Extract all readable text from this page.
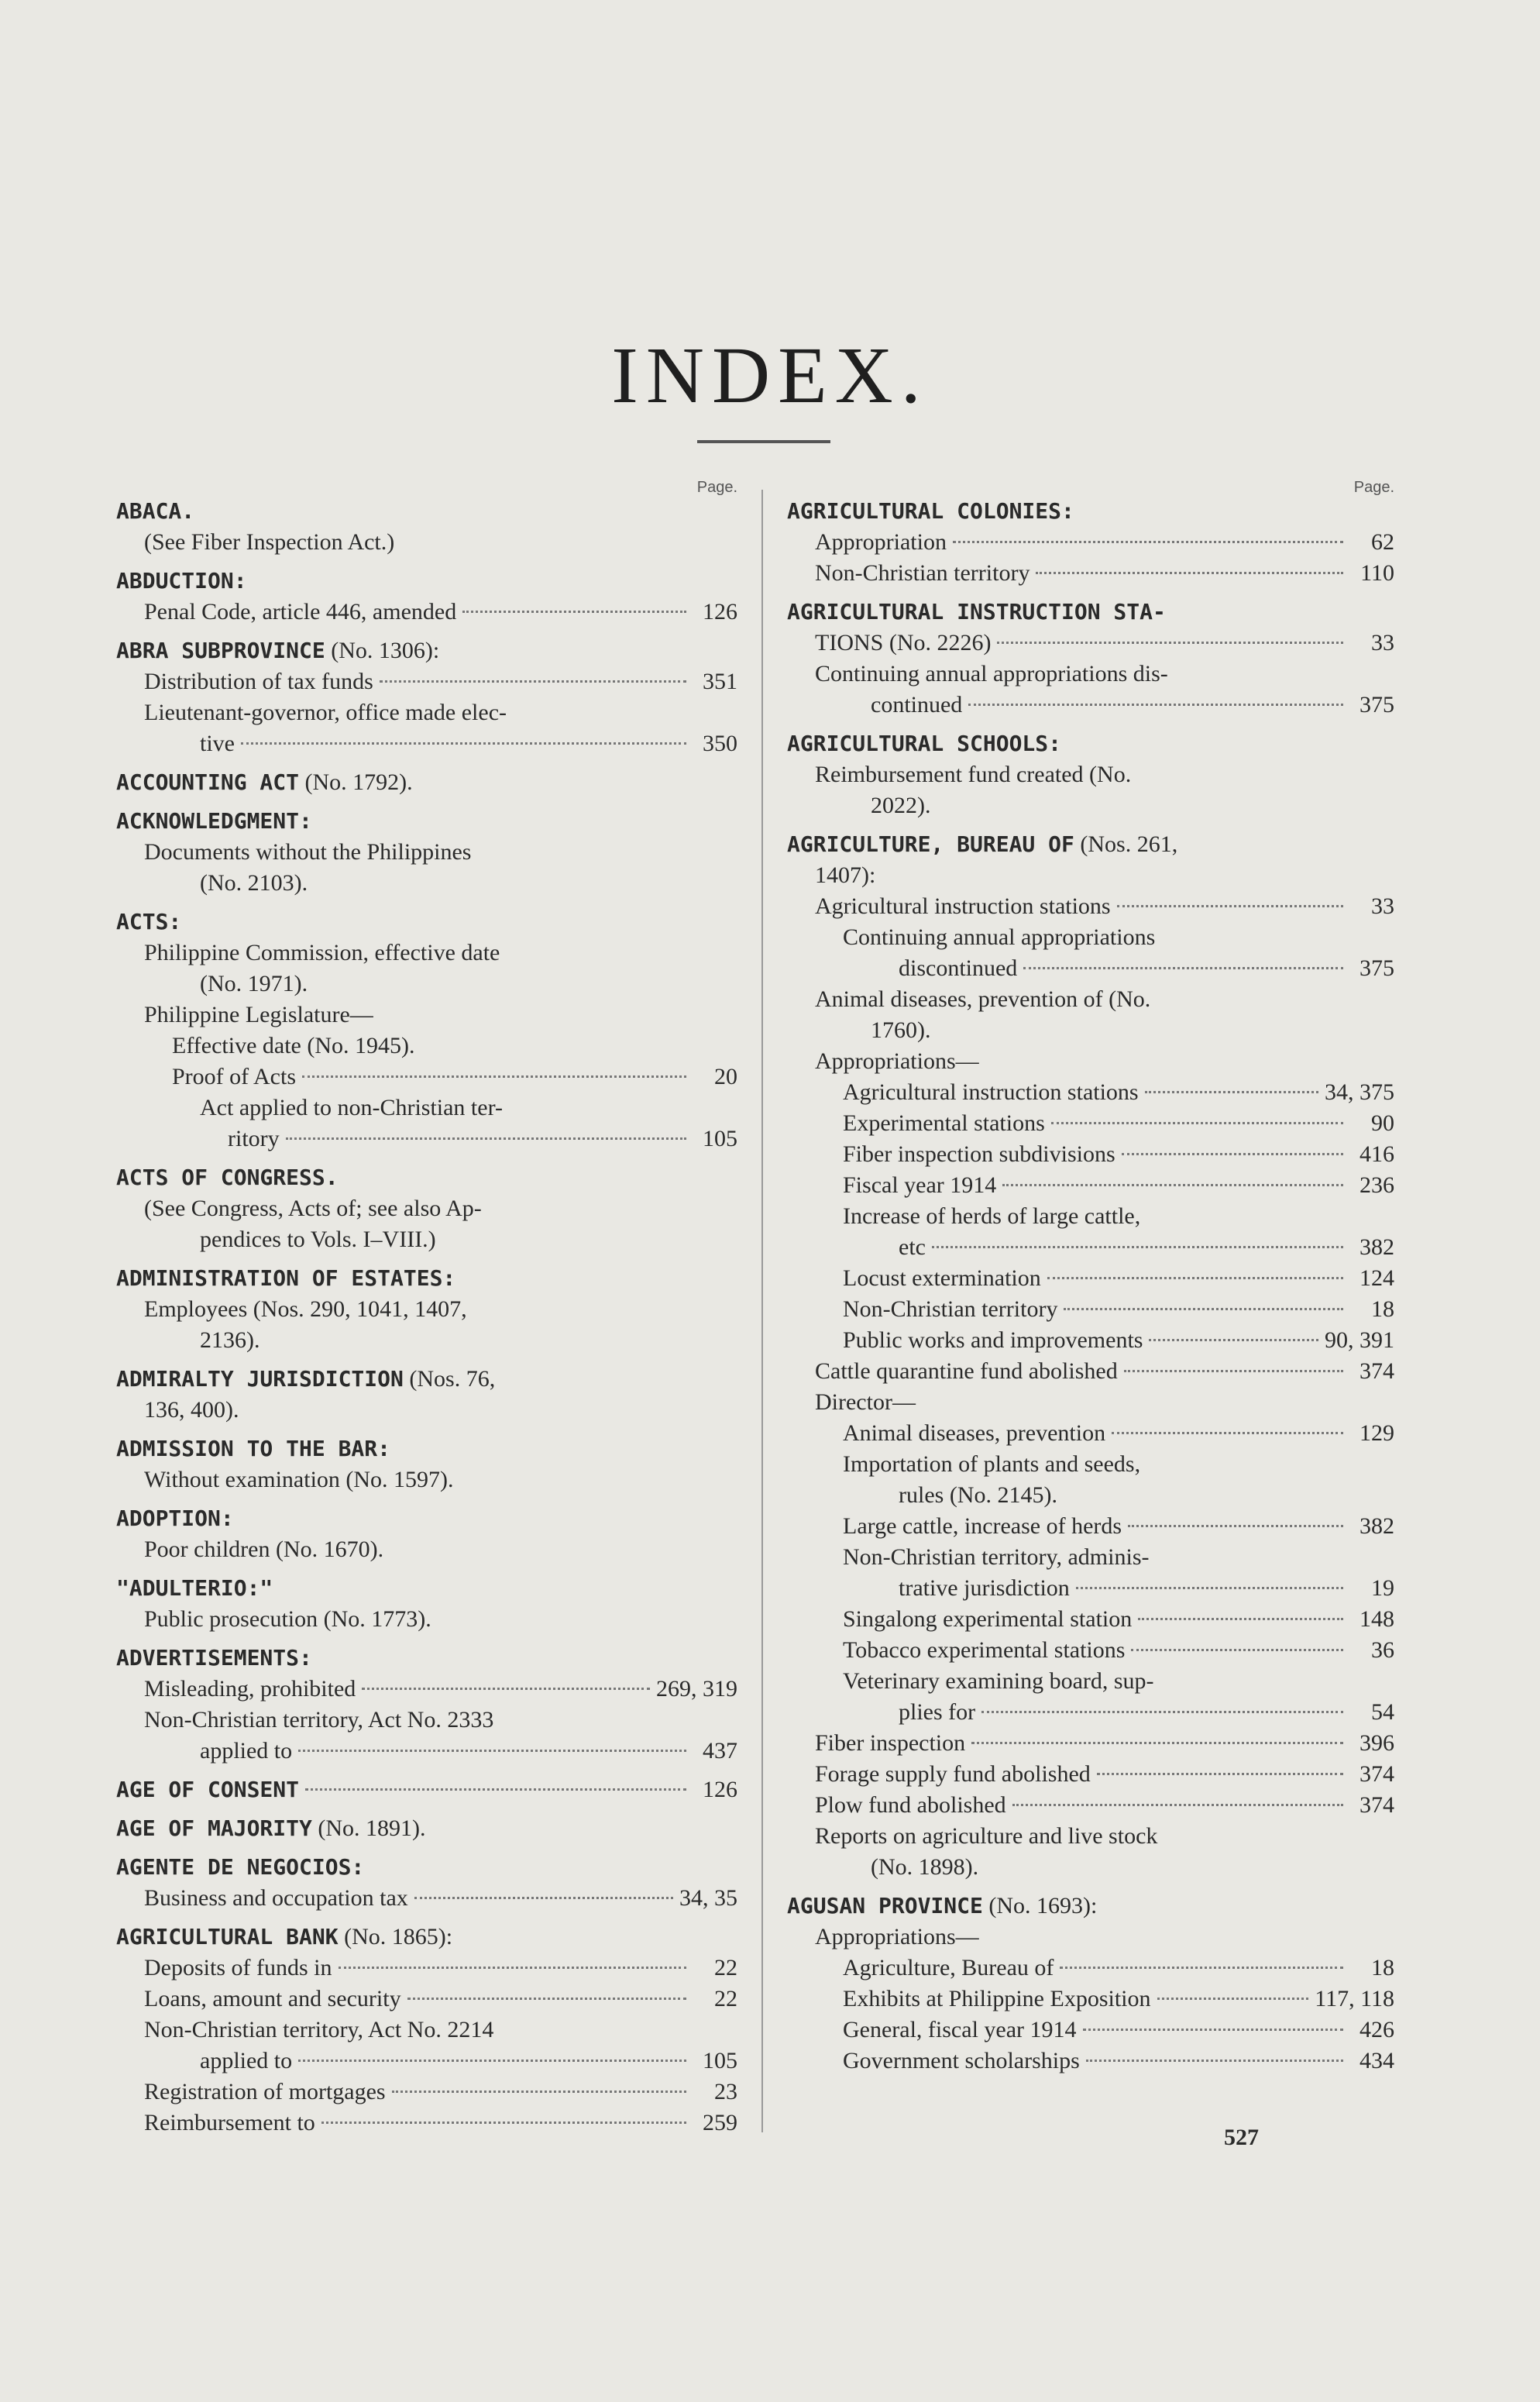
INDEX.
Page.
ABACA.
(See Fiber Inspection Act.)
ABDUCTION:
Penal Code, article 446, amended	126
ABRA SUBPROVINCE (No. 1306):
Distribution of tax funds	351
Lieutenant-governor, office made elec-
tive	350
ACCOUNTING ACT (No. 1792).
ACKNOWLEDGMENT:
Documents without the Philippines
(No. 2103).
ACTS:
Philippine Commission, effective date
(No. 1971).
Philippine Legislature—
Effective date (No. 1945).
Proof of Acts	20
Act applied to non-Christian ter-
ritory	105
ACTS OF CONGRESS.
(See Congress, Acts of; see also Ap-
pendices to Vols. I–VIII.)
ADMINISTRATION OF ESTATES:
Employees (Nos. 290, 1041, 1407,
2136).
ADMIRALTY JURISDICTION (Nos. 76,
136, 400).
ADMISSION TO THE BAR:
Without examination (No. 1597).
ADOPTION:
Poor children (No. 1670).
"ADULTERIO:"
Public prosecution (No. 1773).
ADVERTISEMENTS:
Misleading, prohibited	269, 319
Non-Christian territory, Act No. 2333
applied to	437
AGE OF CONSENT	126
AGE OF MAJORITY (No. 1891).
AGENTE DE NEGOCIOS:
Business and occupation tax	34, 35
AGRICULTURAL BANK (No. 1865):
Deposits of funds in	22
Loans, amount and security	22
Non-Christian territory, Act No. 2214
applied to	105
Registration of mortgages	23
Reimbursement to	259
Page.
AGRICULTURAL COLONIES:
Appropriation	62
Non-Christian territory	110
AGRICULTURAL INSTRUCTION STA-
TIONS (No. 2226)	33
Continuing annual appropriations dis-
continued	375
AGRICULTURAL SCHOOLS:
Reimbursement fund created (No.
2022).
AGRICULTURE, BUREAU OF (Nos. 261,
1407):
Agricultural instruction stations	33
Continuing annual appropriations
discontinued	375
Animal diseases, prevention of (No.
1760).
Appropriations—
Agricultural instruction stations	34, 375
Experimental stations	90
Fiber inspection subdivisions	416
Fiscal year 1914	236
Increase of herds of large cattle,
etc	382
Locust extermination	124
Non-Christian territory	18
Public works and improvements	90, 391
Cattle quarantine fund abolished	374
Director—
Animal diseases, prevention	129
Importation of plants and seeds,
rules (No. 2145).
Large cattle, increase of herds	382
Non-Christian territory, adminis-
trative jurisdiction	19
Singalong experimental station	148
Tobacco experimental stations	36
Veterinary examining board, sup-
plies for	54
Fiber inspection	396
Forage supply fund abolished	374
Plow fund abolished	374
Reports on agriculture and live stock
(No. 1898).
AGUSAN PROVINCE (No. 1693):
Appropriations—
Agriculture, Bureau of	18
Exhibits at Philippine Exposition	117, 118
General, fiscal year 1914	426
Government scholarships	434
527
